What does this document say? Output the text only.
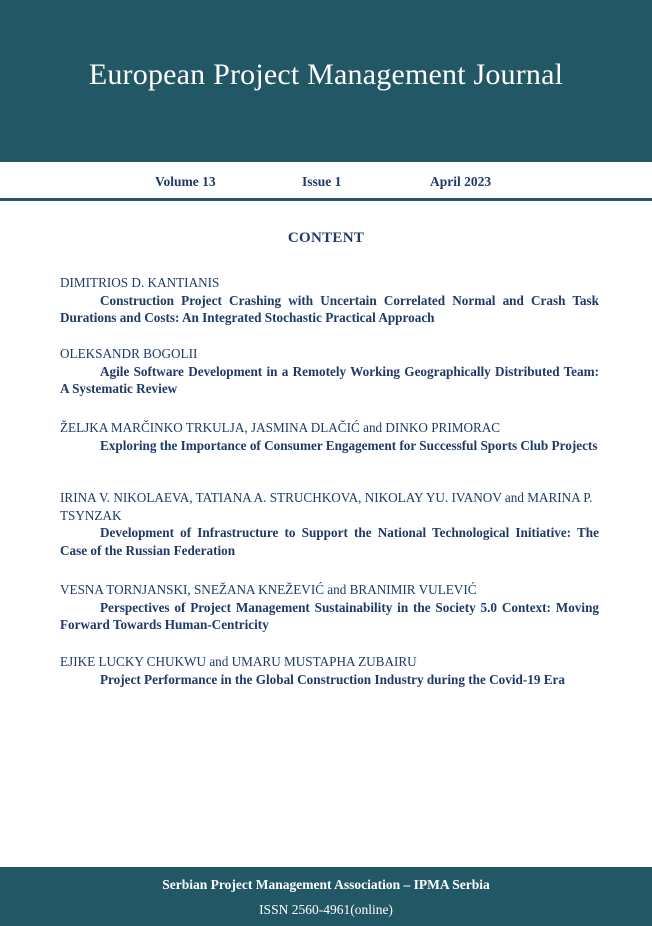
European Project Management Journal
Volume 13	Issue 1	April 2023
CONTENT
DIMITRIOS D. KANTIANIS
Construction Project Crashing with Uncertain Correlated Normal and Crash Task Durations and Costs: An Integrated Stochastic Practical Approach
OLEKSANDR BOGOLII
Agile Software Development in a Remotely Working Geographically Distributed Team: A Systematic Review
ŽELJKA MARČINKO TRKULJA, JASMINA DLAČIĆ and DINKO PRIMORAC
Exploring the Importance of Consumer Engagement for Successful Sports Club Projects
IRINA V. NIKOLAEVA, TATIANA A. STRUCHKOVA, NIKOLAY YU. IVANOV and MARINA P. TSYNZAK
Development of Infrastructure to Support the National Technological Initiative: The Case of the Russian Federation
VESNA TORNJANSKI, SNEŽANA KNEŽEVIĆ and BRANIMIR VULEVIĆ
Perspectives of Project Management Sustainability in the Society 5.0 Context: Moving Forward Towards Human-Centricity
EJIKE LUCKY CHUKWU and UMARU MUSTAPHA ZUBAIRU
Project Performance in the Global Construction Industry during the Covid-19 Era
Serbian Project Management Association – IPMA Serbia
ISSN 2560-4961(online)
